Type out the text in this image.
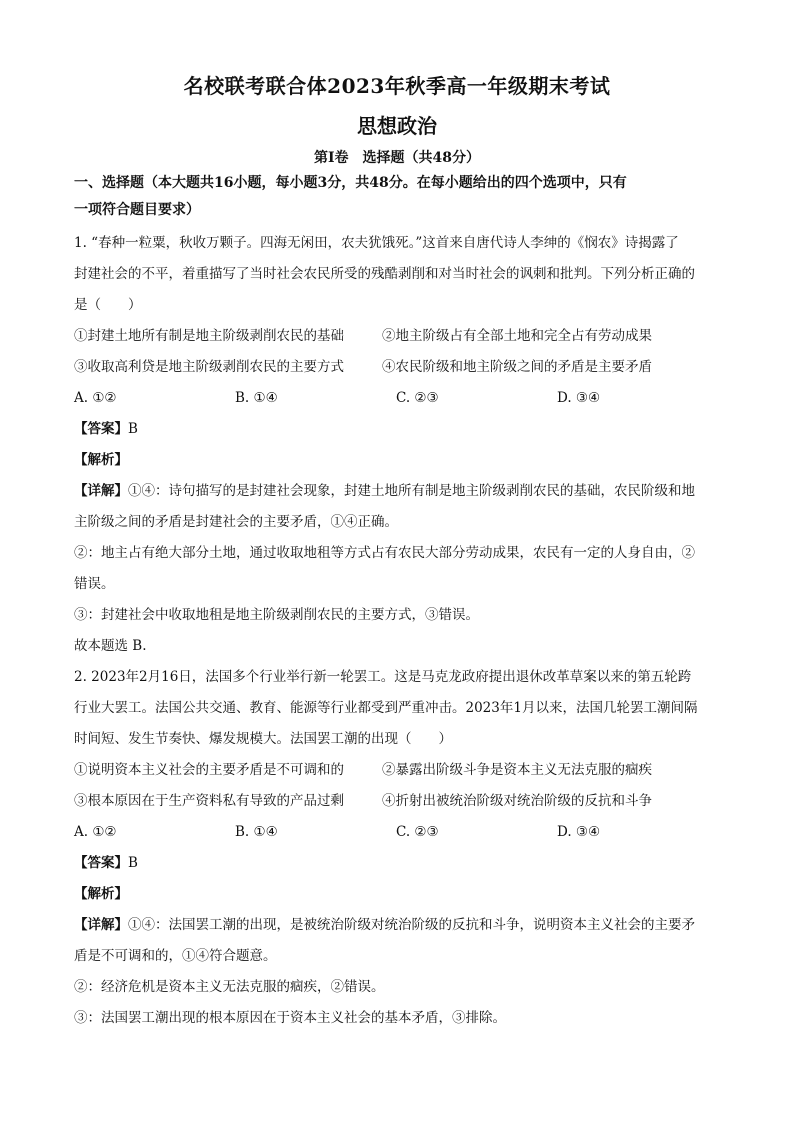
名校联考联合体2023年秋季高一年级期末考试
思想政治
第Ⅰ卷　选择题（共48分）

一、选择题（本大题共16小题，每小题3分，共48分。在每小题给出的四个选项中，只有

一项符合题目要求）

1. “春种一粒粟，秋收万颗子。四海无闲田，农夫犹饿死。”这首来自唐代诗人李绅的《悯农》诗揭露了

封建社会的不平，着重描写了当时社会农民所受的残酷剥削和对当时社会的讽刺和批判。下列分析正确的

是（　　）

①封建土地所有制是地主阶级剥削农民的基础	②地主阶级占有全部土地和完全占有劳动成果
③收取高利贷是地主阶级剥削农民的主要方式	④农民阶级和地主阶级之间的矛盾是主要矛盾
A. ①②	B. ①④	C. ②③	D. ③④

【答案】B

【解析】

【详解】①④：诗句描写的是封建社会现象，封建土地所有制是地主阶级剥削农民的基础，农民阶级和地

主阶级之间的矛盾是封建社会的主要矛盾，①④正确。

②：地主占有绝大部分土地，通过收取地租等方式占有农民大部分劳动成果，农民有一定的人身自由，②

错误。

③：封建社会中收取地租是地主阶级剥削农民的主要方式，③错误。

故本题选 B.

2. 2023年2月16日，法国多个行业举行新一轮罢工。这是马克龙政府提出退休改革草案以来的第五轮跨

行业大罢工。法国公共交通、教育、能源等行业都受到严重冲击。2023年1月以来，法国几轮罢工潮间隔

时间短、发生节奏快、爆发规模大。法国罢工潮的出现（　　）

①说明资本主义社会的主要矛盾是不可调和的	②暴露出阶级斗争是资本主义无法克服的痼疾
③根本原因在于生产资料私有导致的产品过剩	④折射出被统治阶级对统治阶级的反抗和斗争
A. ①②	B. ①④	C. ②③	D. ③④

【答案】B

【解析】

【详解】①④：法国罢工潮的出现，是被统治阶级对统治阶级的反抗和斗争，说明资本主义社会的主要矛

盾是不可调和的，①④符合题意。

②：经济危机是资本主义无法克服的痼疾，②错误。

③：法国罢工潮出现的根本原因在于资本主义社会的基本矛盾，③排除。
